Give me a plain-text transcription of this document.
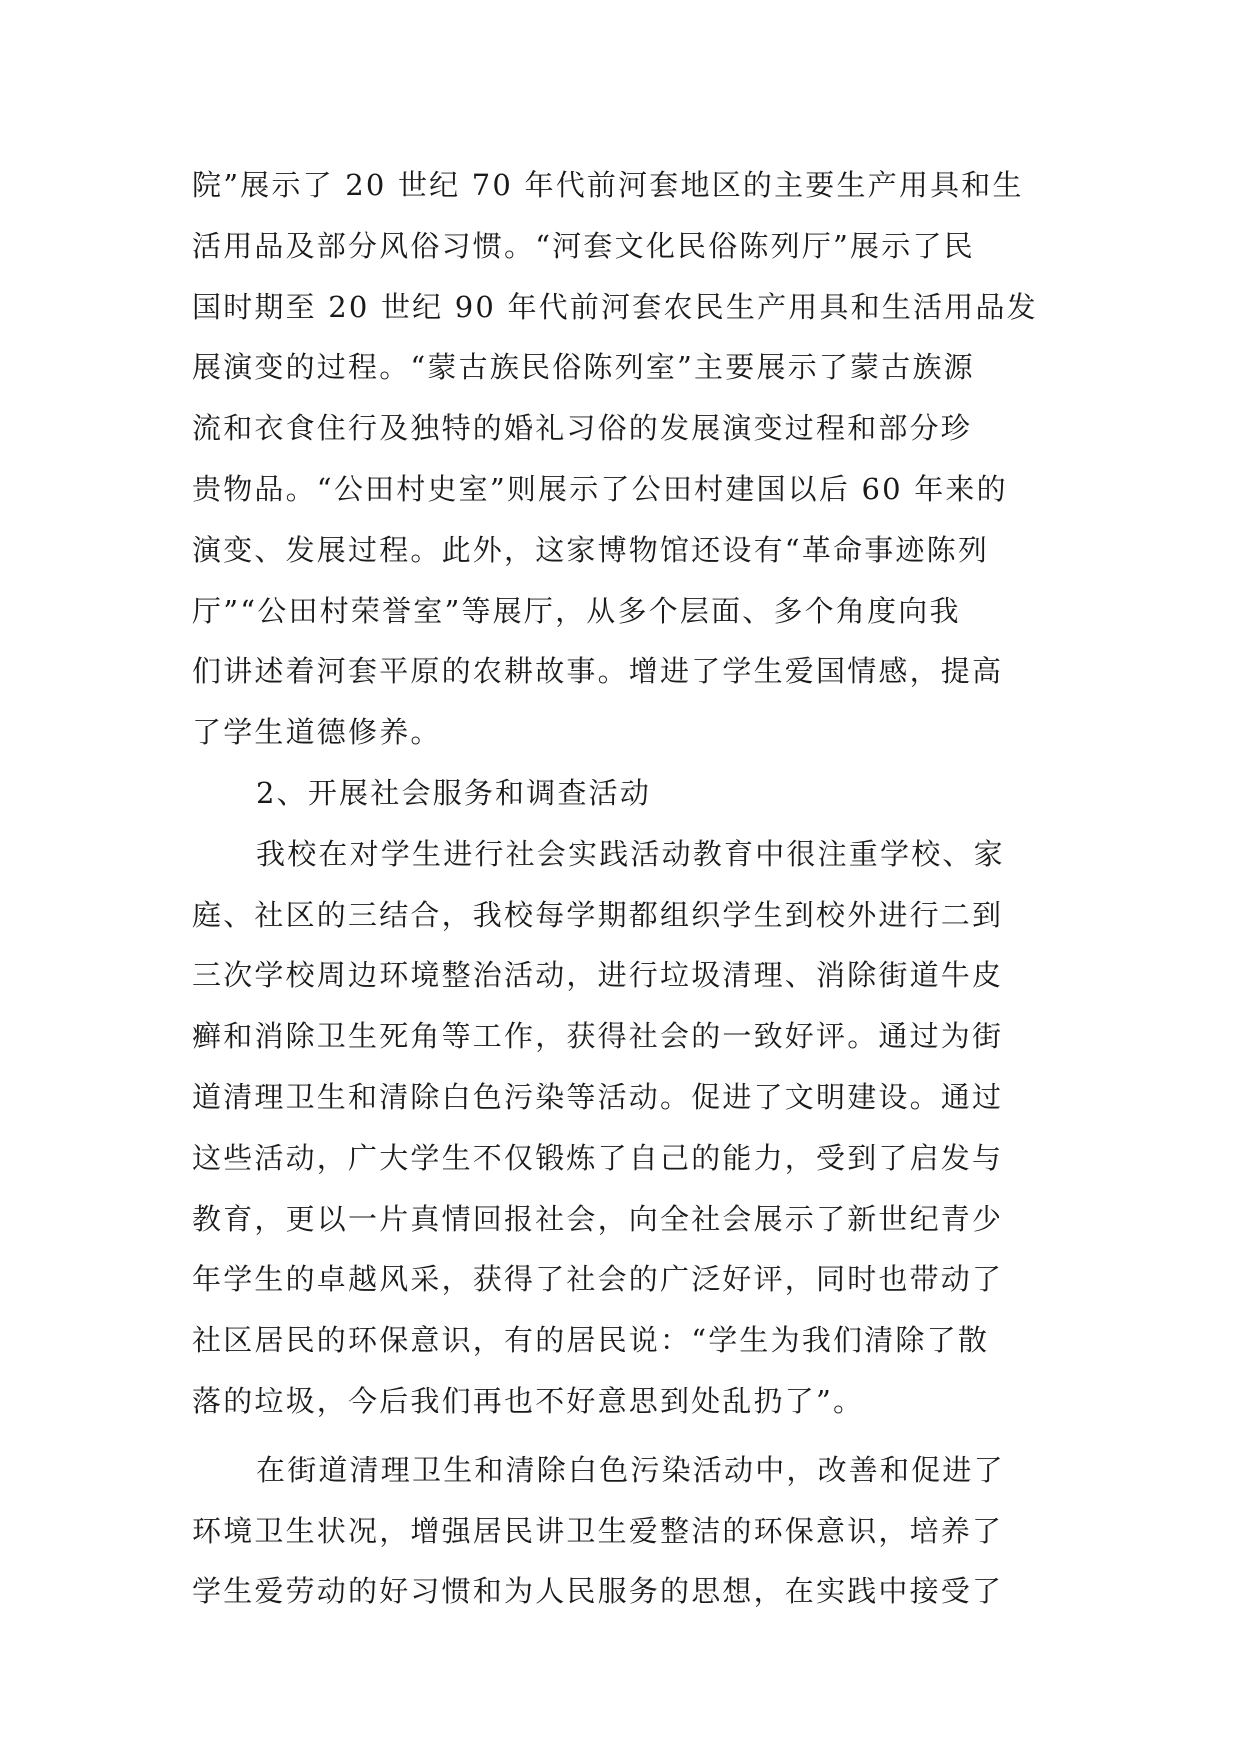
院”展示了 20 世纪 70 年代前河套地区的主要生产用具和生
活用品及部分风俗习惯。“河套文化民俗陈列厅”展示了民
国时期至 20 世纪 90 年代前河套农民生产用具和生活用品发
展演变的过程。“蒙古族民俗陈列室”主要展示了蒙古族源
流和衣食住行及独特的婚礼习俗的发展演变过程和部分珍
贵物品。“公田村史室”则展示了公田村建国以后 60 年来的
演变、发展过程。此外，这家博物馆还设有“革命事迹陈列
厅”“公田村荣誉室”等展厅，从多个层面、多个角度向我
们讲述着河套平原的农耕故事。增进了学生爱国情感，提高
了学生道德修养。
2、开展社会服务和调查活动
我校在对学生进行社会实践活动教育中很注重学校、家
庭、社区的三结合，我校每学期都组织学生到校外进行二到
三次学校周边环境整治活动，进行垃圾清理、消除街道牛皮
癣和消除卫生死角等工作，获得社会的一致好评。通过为街
道清理卫生和清除白色污染等活动。促进了文明建设。通过
这些活动，广大学生不仅锻炼了自己的能力，受到了启发与
教育，更以一片真情回报社会，向全社会展示了新世纪青少
年学生的卓越风采，获得了社会的广泛好评，同时也带动了
社区居民的环保意识，有的居民说：“学生为我们清除了散
落的垃圾，今后我们再也不好意思到处乱扔了”。
在街道清理卫生和清除白色污染活动中，改善和促进了
环境卫生状况，增强居民讲卫生爱整洁的环保意识，培养了
学生爱劳动的好习惯和为人民服务的思想，在实践中接受了
